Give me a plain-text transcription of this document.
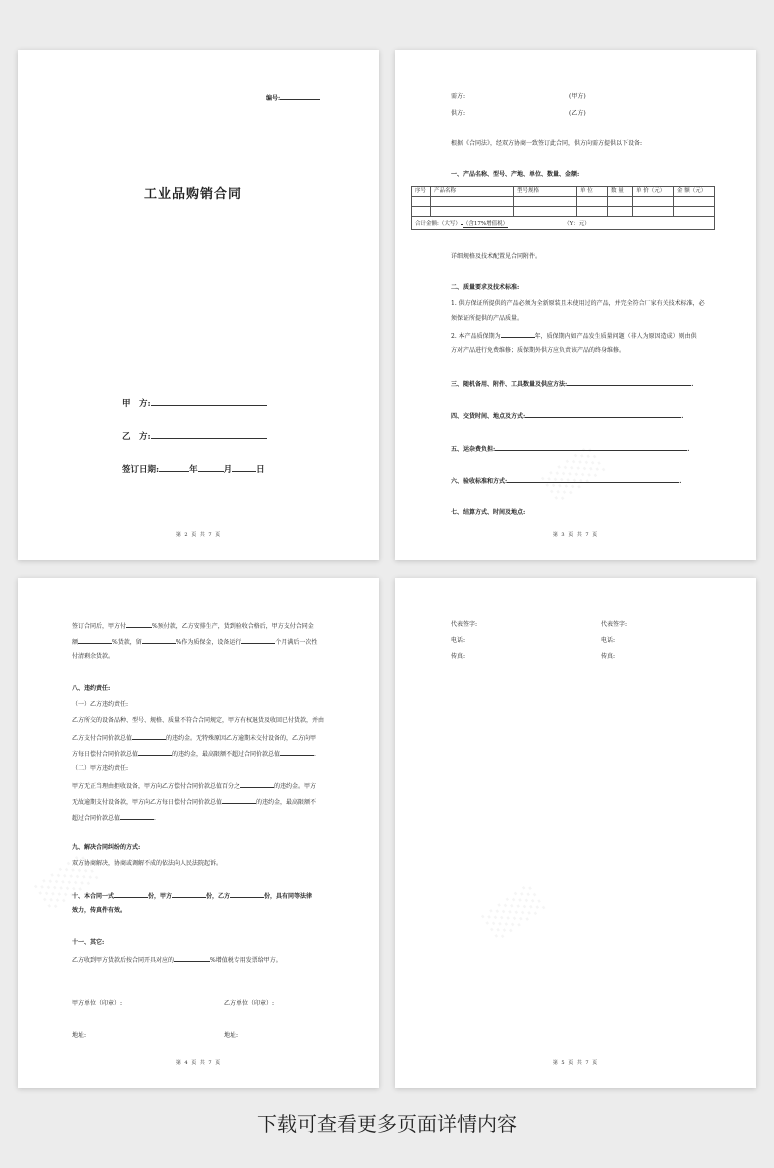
编号:
工业品购销合同
甲　方:
乙　方:
签订日期:	年	月	日
第 2 页 共 7 页
需方:	(甲方)
供方:	(乙方)
根据《合同法》，经双方协商一致签订此合同，供方向需方提供以下设备:
一、产品名称、型号、产地、单位、数量、金额:
序号	产品名称	型号规格	单 位	数 量	单 价（元）	金 额（元）

合计金额:（大写） （含17%增值税） （Y：元）						
详细规格及技术配置见合同附件。
二、质量要求及技术标准:
1. 供方保证所提供的产品必须为全新原装且未使用过的产品，并完全符合厂家有关技术标准，必
须保证所提供的产品质量。
2. 本产品质保期为	年，质保期内如产品发生质量问题（非人为原因造成）则由供
方对产品进行免费维修；质保期外供方应负责该产品的终身维修。
三、随机备用、附件、工具数量及供应方法:	.
四、交货时间、地点及方式:	.
五、运杂费负担:	.
六、验收标准和方式:	.
七、结算方式、时间及地点:
第 3 页 共 7 页
签订合同后，甲方付	%预付款，乙方安排生产，货到验收合格后，甲方支付合同金
额	%货款，留	%作为质保金，设备运行	个月满后一次性
付清剩余货款。
八、违约责任:
（一）乙方违约责任:
乙方所交的设备品种、型号、规格、质量不符合合同规定，甲方有权退货及收回已付货款，并由
乙方支付合同价款总值	的违约金。无特殊原因乙方逾期未交付设备的，乙方向甲
方每日偿付合同价款总值	的违约金，最高限额不超过合同价款总值	.
（二）甲方违约责任:
甲方无正当理由拒收设备，甲方向乙方偿付合同价款总值百分之	的违约金。甲方
无故逾期支付设备款，甲方向乙方每日偿付合同价款总值	的违约金，最高限额不
超过合同价款总值	.
九、解决合同纠纷的方式:
双方协商解决，协商或调解不成的依法向人民法院起诉。
十、本合同一式	份，甲方	份，乙方	份，具有同等法律
效力，传真件有效。
十一、其它:
乙方收到甲方货款后按合同开具对应的	%增值税专用发票给甲方。
甲方单位（印章）:	乙方单位（印章）:
地址:	地址:
第 4 页 共 7 页
代表签字:	代表签字:
电话:	电话:
传真:	传真:
第 5 页 共 7 页
下载可查看更多页面详情内容
